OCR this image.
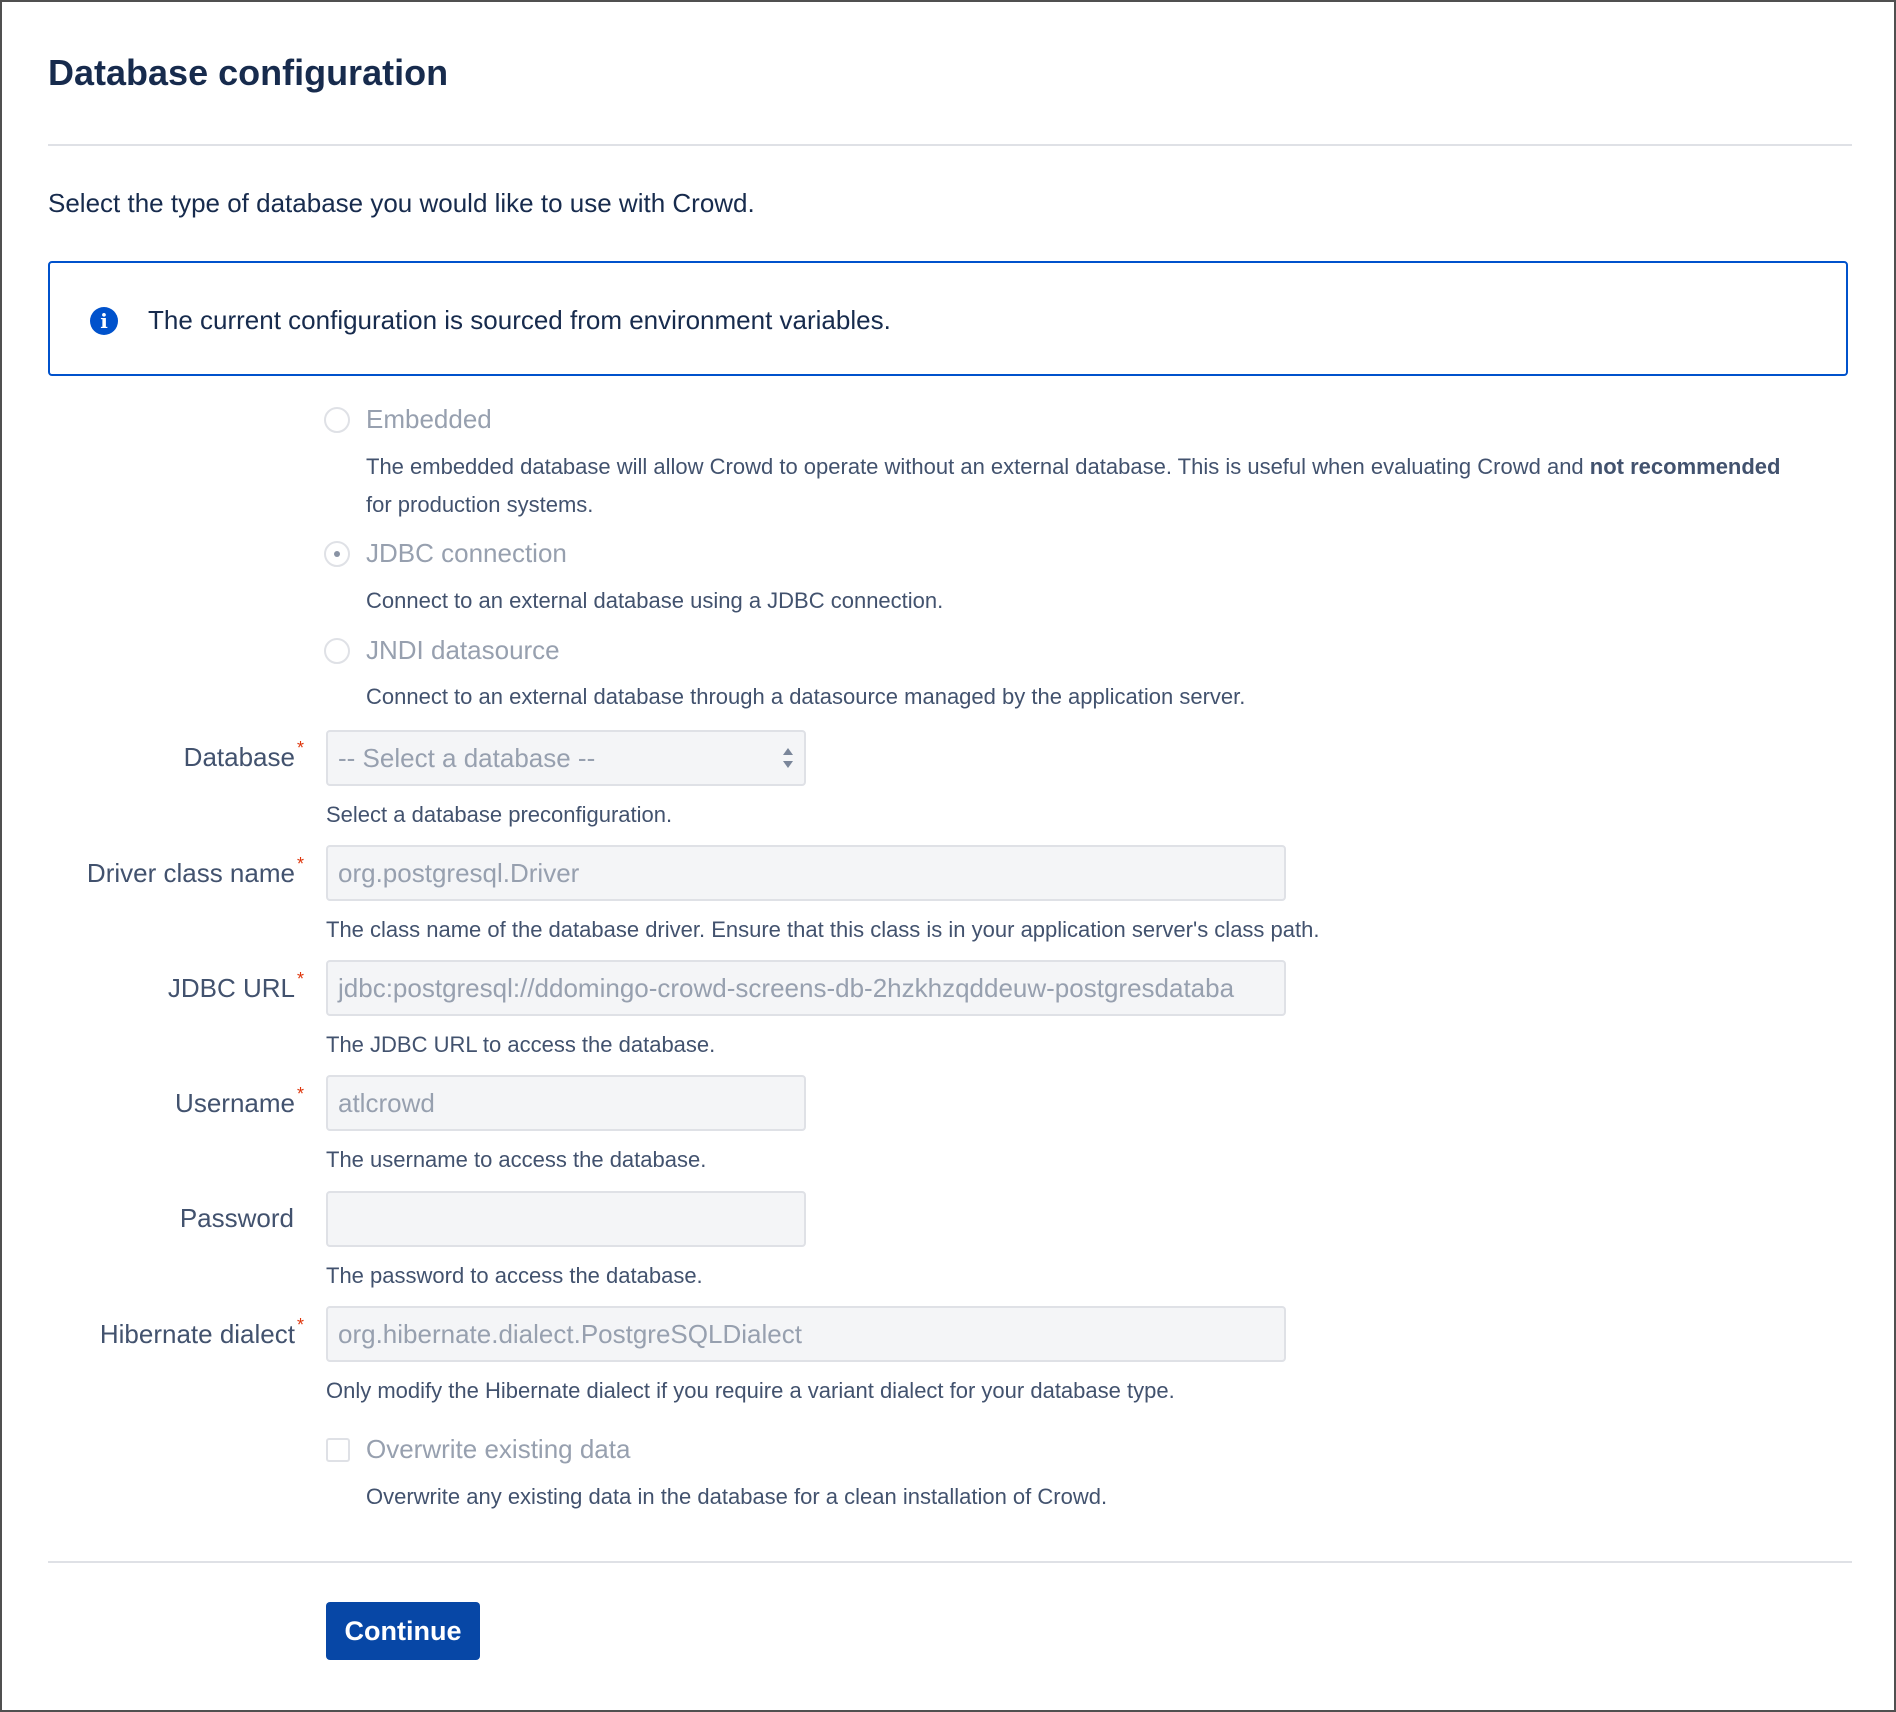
Database configuration
Select the type of database you would like to use with Crowd.
i	The current configuration is sourced from environment variables.
Embedded
The embedded database will allow Crowd to operate without an external database. This is useful when evaluating Crowd and not recommended for production systems.
JDBC connection
Connect to an external database using a JDBC connection.
JNDI datasource
Connect to an external database through a datasource managed by the application server.
Database *	-- Select a database --
Select a database preconfiguration.
Driver class name *	org.postgresql.Driver
The class name of the database driver. Ensure that this class is in your application server's class path.
JDBC URL *	jdbc:postgresql://ddomingo-crowd-screens-db-2hzkhzqddeuw-postgresdataba
The JDBC URL to access the database.
Username *	atlcrowd
The username to access the database.
Password
The password to access the database.
Hibernate dialect *	org.hibernate.dialect.PostgreSQLDialect
Only modify the Hibernate dialect if you require a variant dialect for your database type.
Overwrite existing data
Overwrite any existing data in the database for a clean installation of Crowd.
Continue
